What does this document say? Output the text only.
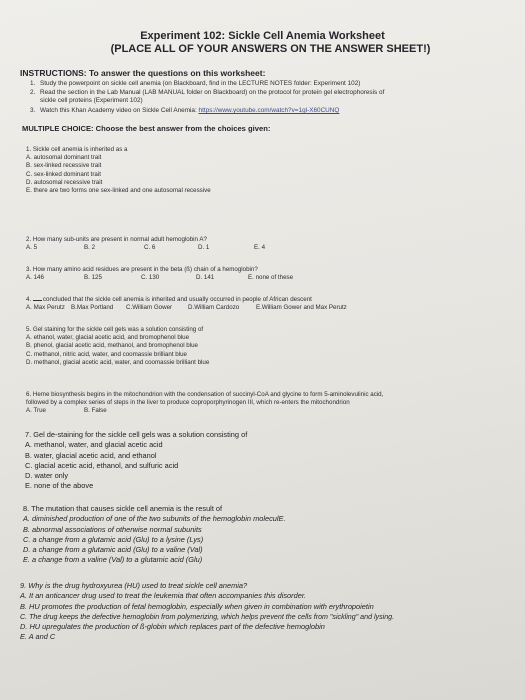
Experiment 102: Sickle Cell Anemia Worksheet
(PLACE ALL OF YOUR ANSWERS ON THE ANSWER SHEET!)
INSTRUCTIONS: To answer the questions on this worksheet:
1. Study the powerpoint on sickle cell anemia (on Blackboard, find in the LECTURE NOTES folder: Experiment 102)
2. Read the section in the Lab Manual (LAB MANUAL folder on Blackboard) on the protocol for protein gel electrophoresis of
sickle cell proteins (Experiment 102)
3. Watch this Khan Academy video on Sickle Cell Anemia: https://www.youtube.com/watch?v=1gl-X60CUNQ
MULTIPLE CHOICE: Choose the best answer from the choices given:
1. Sickle cell anemia is inherited as a
A. autosomal dominant trait
B. sex-linked recessive trait
C. sex-linked dominant trait
D. autosomal recessive trait
E. there are two forms one sex-linked and one autosomal recessive
2. How many sub-units are present in normal adult hemoglobin A?
A. 5	B. 2	C. 6	D. 1	E. 4
3. How many amino acid residues are present in the beta (ß) chain of a hemoglobin?
A. 146	B. 125	C. 130	D. 141	E. none of these
4. concluded that the sickle cell anemia is inherited and usually occurred in people of African descent
A. Max Perutz B.Max Portland	C.William Gower	D.William Cardozo	E.William Gower and Max Perutz
5. Gel staining for the sickle cell gels was a solution consisting of
A. ethanol, water, glacial acetic acid, and bromophenol blue
B. phenol, glacial acetic acid, methanol, and bromophenol blue
C. methanol, nitric acid, water, and coomassie brilliant blue
D. methanol, glacial acetic acid, water, and coomassie brilliant blue
6. Heme biosynthesis begins in the mitochondrion with the condensation of succinyl-CoA and glycine to form 5-aminolevulinic acid,
followed by a complex series of steps in the liver to produce coproporphyrinogen III, which re-enters the mitochondrion
A. True	B. False
7. Gel de-staining for the sickle cell gels was a solution consisting of
A. methanol, water, and glacial acetic acid
B. water, glacial acetic acid, and ethanol
C. glacial acetic acid, ethanol, and sulfuric acid
D. water only
E. none of the above
8. The mutation that causes sickle cell anemia is the result of
A. diminished production of one of the two subunits of the hemoglobin moleculE.
B. abnormal associations of otherwise normal subunits
C. a change from a glutamic acid (Glu) to a lysine (Lys)
D. a change from a glutamic acid (Glu) to a valine (Val)
E. a change from a valine (Val) to a glutamic acid (Glu)
9. Why is the drug hydroxyurea (HU) used to treat sickle cell anemia?
A. It an anticancer drug used to treat the leukemia that often accompanies this disorder.
B. HU promotes the production of fetal hemoglobin, especially when given in combination with erythropoietin
C. The drug keeps the defective hemoglobin from polymerizing, which helps prevent the cells from "sickling" and lysing.
D. HU upregulates the production of ß-globin which replaces part of the defective hemoglobin
E. A and C
